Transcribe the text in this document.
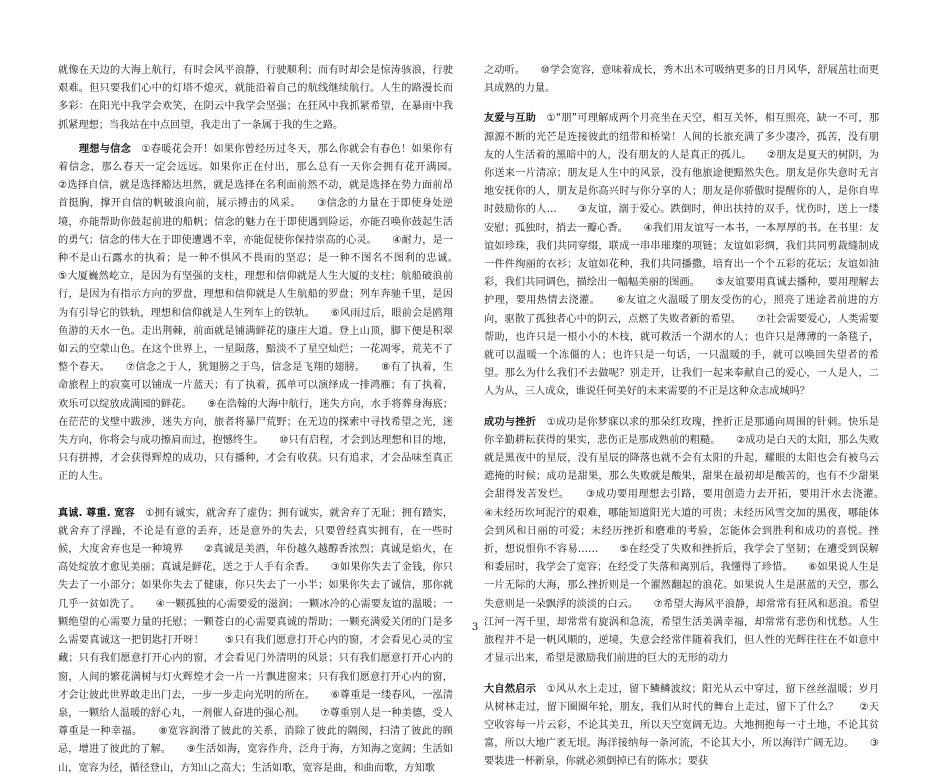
就像在天边的大海上航行，有时会风平浪静，行驶顺利；而有时却会是惊涛骇浪，行驶艰难。但只要我们心中的灯塔不熄灭，就能沿着自己的航线继续航行。人生的路漫长而多彩：在阳光中我学会欢笑，在阴云中我学会坚强；在狂风中我抓紧希望，在暴雨中我抓紧理想；当我站在中点回望，我走出了一条属于我的生之路。

　　理想与信念　 ①春暖花会开！如果你曾经历过冬天，那么你就会有春色！如果你有着信念，那么春天一定会远远。如果你正在付出，那么总有一天你会拥有花开满园。　　②选择自信，就是选择豁达坦然，就是选择在名利面前然不动，就是选择在势力面前昂首挺胸，撑开自信的帆破浪向前，展示搏击的风采。　　③信念的力量在于即使身处逆境，亦能帮助你鼓起前进的船帆；信念的魅力在于即使遇到险运，亦能召唤你鼓起生活的勇气；信念的伟大在于即使遭遇不幸，亦能促使你保持崇高的心灵。　　④耐力，是一种不是山石露水的执着；是一种不惧风不畏雨的坚忍；是一种不图名不图利的忠诚。　　⑤大厦巍然屹立，是因为有坚强的支柱，理想和信仰就是人生大厦的支柱；航船破浪前行，是因为有指示方向的罗盘，理想和信仰就是人生航船的罗盘；列车奔驰千里，是因为有引导它的铁轨，理想和信仰就是人生列车上的铁轨。　　⑥风雨过后，眼前会是鸥翔鱼游的天水一色。走出荆棘，前面就是铺满鲜花的康庄大道。登上山顶，脚下便是积翠如云的空蒙山色。在这个世界上，一星陨落，黯淡不了星空灿烂；一花凋零，荒芜不了整个春天。　　⑦信念之于人，犹翅膀之于鸟，信念是飞翔的翅膀。　　⑧有了执着，生命旅程上的寂寞可以铺成一片蓝天；有了执着，孤单可以演绎成一排鸿雁；有了执着，欢乐可以绽放成满园的鲜花。　　⑨在浩翰的大海中航行，迷失方向，水手将葬身海底；在茫茫的戈壁中跋涉，迷失方向，旅者将暴尸荒野；在无边的探索中寻找希望之光，迷失方向，你将会与成功擦肩而过，抱憾终生。　　⑩只有启程，才会到达理想和目的地，只有拼搏，才会获得辉煌的成功，只有播种，才会有收获。只有追求，才会品味至真正正的人生。

真诚. 尊重. 宽容　 ①拥有诚实，就舍弃了虚伪；拥有诚实，就舍弃了无耻；拥有踏实，就舍弃了浮躁，不论是有意的丢弃，还是意外的失去，只要曾经真实拥有，在一些时候，大度舍弃也是一种境界　　②真诚是美酒，年份越久越醇香浓烈；真诚是焰火，在高处绽放才愈见美丽；真诚是鲜花，送之于人手有余香。　　③如果你失去了金钱，你只失去了一小部分；如果你失去了健康，你只失去了一小半；如果你失去了诚信，那你就几乎一贫如洗了。　　④一颗孤独的心需要爱的滋润；一颗冰冷的心需要友谊的温暖；一颗绝望的心需要力量的托慰；一颗苍白的心需要真诚的帮助；一颗充满爱关闭的门是多么需要真诚这一把钥匙打开呀！　　⑤只有我们愿意打开心内的窗，才会看见心灵的宝藏；只有我们愿意打开心内的窗，才会看见门外清明的风景；只有我们愿意打开心内的窗，人间的繁花满树与灯火辉煌才会一片一片飘进窗来；只有我们愿意打开心内的窗，才会让彼此世界敢走出门去，一步一步走向光明的所在。　　⑥尊重是一缕春风，一泓清泉，一颗给人温暖的舒心丸，一剂催人奋进的强心剂。　　⑦尊重别人是一种美德，受人尊重是一种幸福。　　⑧宽容润滑了彼此的关系，消除了彼此的隔阂，扫清了彼此的顾忌，增进了彼此的了解。　　⑨生活如海，宽容作舟，泛舟于海，方知海之宽阔；生活如山，宽容为径，循径登山，方知山之高大；生活如歌，宽容是曲，和曲而歌，方知歌

之动听。　　⑩学会宽容，意味着成长，秀木出木可吸纳更多的日月风华，舒展茁壮而更具成熟的力量。

友爱与互助　 ①“朋”可理解成两个月亮坐在天空，相互关怀，相互照亮，缺一不可，那源源不断的光芒是连接彼此的纽带和桥梁！人间的长旅充满了多少凄冷，孤苦，没有朋友的人生活着的黑暗中的人，没有朋友的人是真正的孤儿。　　②朋友是夏天的树阴，为你送来一片清凉；朋友是人生中的风景，没有他旅途便黯然失色。朋友是你失意时无言地安抚你的人，朋友是你高兴时与你分享的人；朋友是你骄傲时提醒你的人，是你自卑时鼓励你的人…　　③友谊，溺于爱心。跌倒时，伸出扶持的双手，忧伤时，送上一缕安慰；孤独时，捎去一瓣心香。　　④我们用友谊写一本书，一本厚厚的书。在书里：友谊如珍珠，我们共同穿缀，联成一串串璀璨的项链；友谊如彩绸，我们共同剪裁缝制成一件件绚丽的衣衫；友谊如花种，我们共同播撒，培育出一个个五彩的花坛；友谊如油彩，我们共同调色，描绘出一幅幅美丽的图画。　　⑤友谊要用真诚去播种，要用理解去护理，要用热情去浇灌。　　⑥友谊之火温暖了朋友受伤的心，照亮了迷途者前进的方向，驱散了孤独者心中的阴云，点燃了失败者新的希望。　　⑦社会需要爱心，人类需要帮助，也许只是一根小小的木枝，就可救活一个湖水的人；也许只是薄薄的一条毯子，就可以温暖一个冻僵的人；也许只是一句话，一只温暖的手，就可以唤回失望者的希望。那么为什么我们不去做呢？别走开，让我们一起来奉献自己的爱心，一人是人，二人为从，三人成众，谁说任何美好的未来需要的不正是这种众志成城吗？

成功与挫折　 ①成功是你梦寐以求的那朵红玫瑰，挫折正是那通向周围的针刺。快乐是你辛勤耕耘获得的果实，悲伤正是那成熟前的粗糙。　　②成功是白天的太阳，那么失败就是黑夜中的星辰，没有星辰的降落也就不会有太阳的升起，耀眼的太阳也会有被乌云遮掩的时候；成功是甜果，那么失败就是酸果，甜果在最初却是酸苦的，也有不少甜果会甜得发苦发烂。　　③成功要用理想去引路，要用创造力去开拓，要用汗水去浇灌。　　④未经历坎坷泥泞的艰难，哪能知道阳光大道的可贵；未经历风雪交加的黑夜，哪能体会到风和日丽的可爱；未经历挫折和磨难的考验，怎能体会到胜利和成功的喜悦。挫折，想说恨你不容易……　　⑤在经受了失败和挫折后，我学会了坚韧；在遭受到误解和委屈时，我学会了宽容；在经受了失落和离别后，我懂得了珍惜。　　⑥如果说人生是一片无际的大海，那么挫折则是一个濯然翻起的浪花。如果说人生是湛蓝的天空，那么失意则是一朵飘浮的淡淡的白云。　　⑦希望大海风平浪静，却常常有狂风和恶浪。希望江河一泻千里，却常常有旋涡和急流，希望生活美满幸福，却常常有悲伤和忧愁。人生旅程并不是一帆风顺的，逆境，失意会经常伴随着我们，但人性的光辉往往在不如意中才显示出来，希望是激励我们前进的巨大的无形的动力

大自然启示　 ①风从水上走过，留下鳞鳞波纹；阳光从云中穿过，留下丝丝温暖；岁月从树林走过，留下圈圈年轮，朋友，我们从时代的舞台上走过，留下了什么？　　②天空收容每一片云彩，不论其美丑，所以天空宽阔无边。大地拥抱每一寸土地，不论其贫富，所以大地广袤无垠。海洋接纳每一条河流，不论其大小，所以海洋广阔无边。　　③要装进一杯新泉，你就必须倒掉已有的陈水；要获

3
